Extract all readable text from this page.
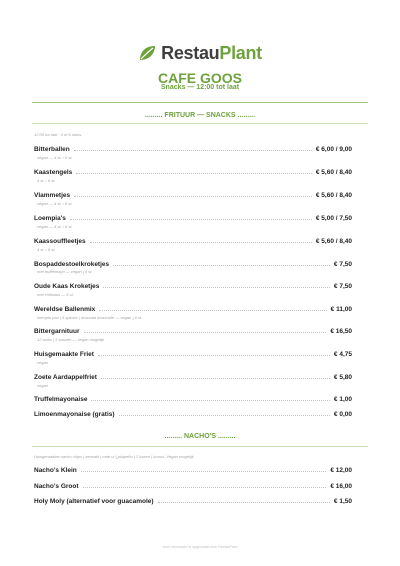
RestauPlant
CAFE GOOS
Snacks — 12:00 tot laat
......... FRITUUR — SNACKS .........
12:00 tot laat · 4 of 6 stuks.
Bitterballen	€ 6,00 / 9,00
vegan — 4 st. / 6 st.
Kaastengels	€ 5,60 / 8,40
4 st. / 6 st.
Vlammetjes	€ 5,60 / 8,40
vegan — 4 st. / 6 st.
Loempia's	€ 5,00 / 7,50
vegan — 4 st. / 6 st.
Kaassoufflеetjes	€ 5,60 / 8,40
4 st. / 6 st.
Bospaddestoelkroketjes	€ 7,50
met truffelmayo — vegan | 6 st.
Oude Kaas Kroketjes	€ 7,50
met chilisaus — 6 st.
Wereldse Ballenmix	€ 11,00
loempia pan | 5 spicies | mozzata mozzrolle — vegan | 6 st.
Bittergarnituur	€ 16,50
12 stuks | 3 sauzen — vegan mogelijk
Huisgemaakte Friet	€ 4,75
vegan
Zoete Aardappelfriet	€ 5,80
vegan
Truffelmayonaise	€ 1,00
Limoenmayonaise (gratis)	€ 0,00
......... NACHO'S .........
Huisgemaakte nacho chips | zerwaki | rode ui | jalapeño | 2 kazen | bonus. Vegan mogelijk.
Nacho's Klein	€ 12,00
Nacho's Groot	€ 16,00
Holy Moly (alternatief voor guacamole)	€ 1,50
deze menukaart is opgemaakt door RestauPlant
